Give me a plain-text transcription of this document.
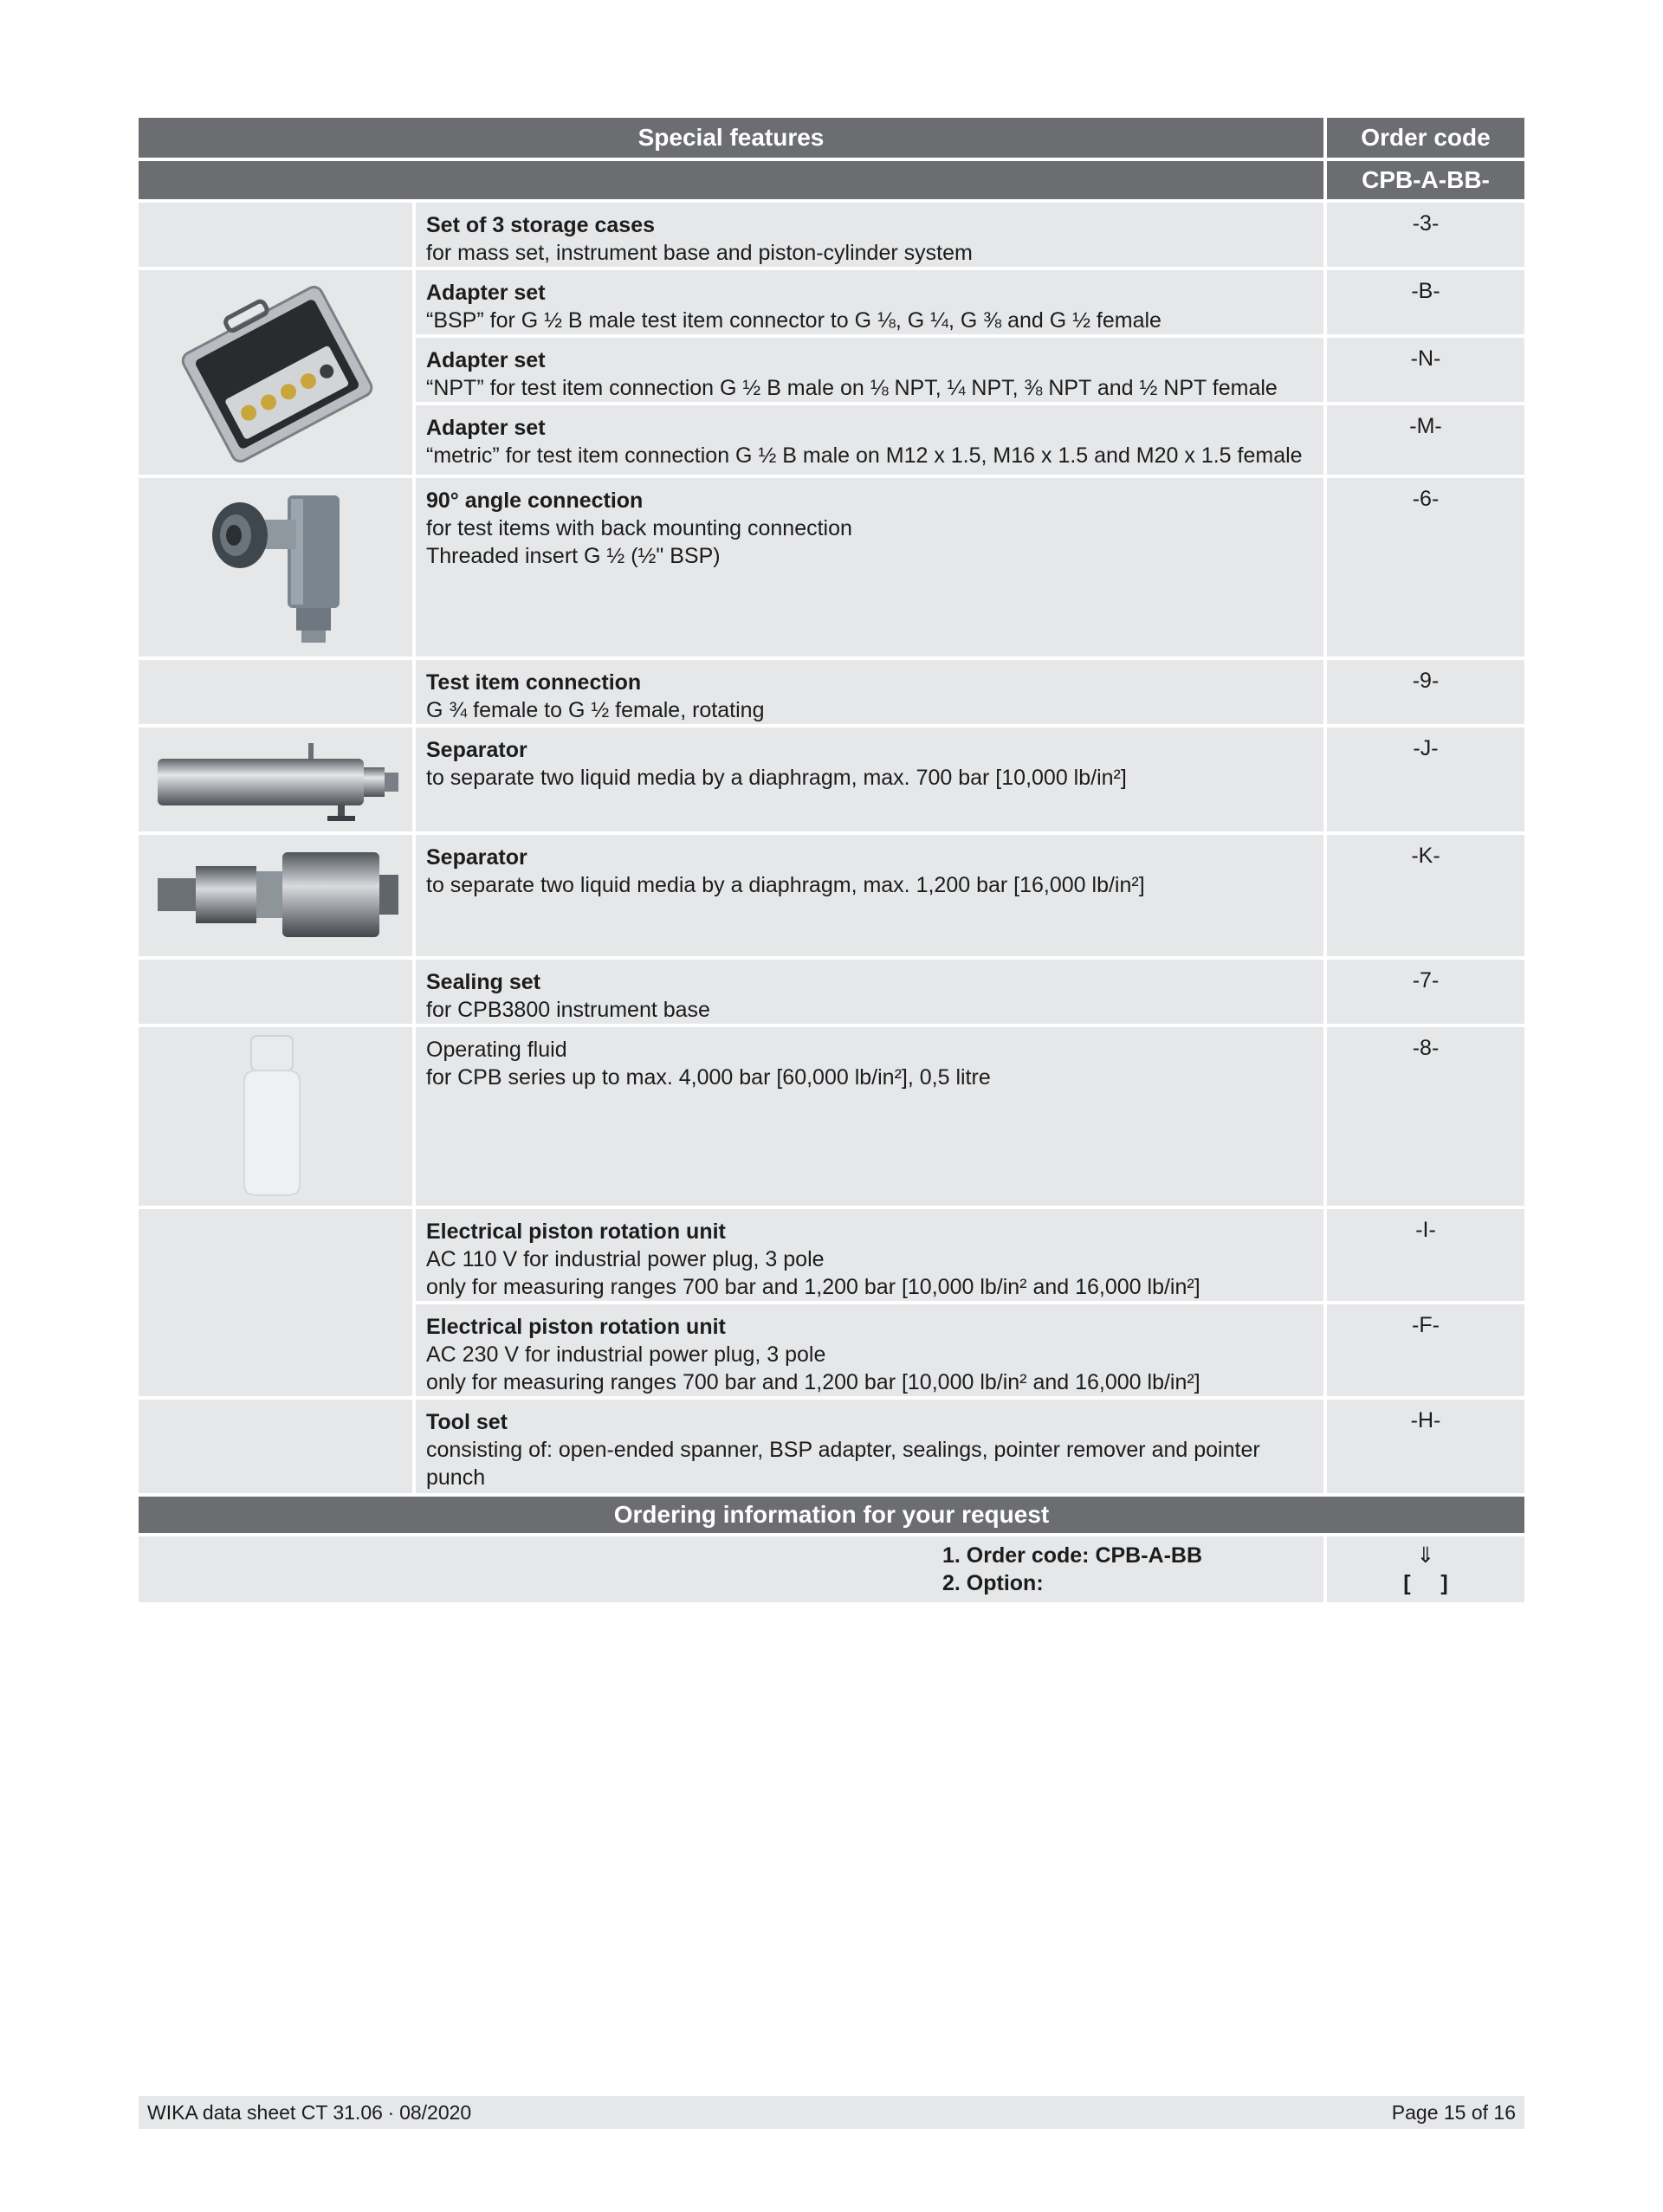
Special features	Order code
CPB-A-BB-
Set of 3 storage cases
for mass set, instrument base and piston-cylinder system
-3-
Adapter set
“BSP” for G ½ B male test item connector to G ⅛, G ¼, G ⅜ and G ½ female
-B-
Adapter set
“NPT” for test item connection G ½ B male on ⅛ NPT, ¼ NPT, ⅜ NPT and ½ NPT female
-N-
Adapter set
“metric” for test item connection G ½ B male on M12 x 1.5, M16 x 1.5 and M20 x 1.5 female
-M-
90° angle connection
for test items with back mounting connection
Threaded insert G ½ (½" BSP)
-6-
Test item connection
G ¾ female to G ½ female, rotating
-9-
Separator
to separate two liquid media by a diaphragm, max. 700 bar [10,000 lb/in²]
-J-
Separator
to separate two liquid media by a diaphragm, max. 1,200 bar [16,000 lb/in²]
-K-
Sealing set
for CPB3800 instrument base
-7-
Operating fluid
for CPB series up to max. 4,000 bar [60,000 lb/in²], 0,5 litre
-8-
Electrical piston rotation unit
AC 110 V for industrial power plug, 3 pole
only for measuring ranges 700 bar and 1,200 bar [10,000 lb/in² and 16,000 lb/in²]
-I-
Electrical piston rotation unit
AC 230 V for industrial power plug, 3 pole
only for measuring ranges 700 bar and 1,200 bar [10,000 lb/in² and 16,000 lb/in²]
-F-
Tool set
consisting of: open-ended spanner, BSP adapter, sealings, pointer remover and pointer
punch
-H-
Ordering information for your request
1. Order code: CPB-A-BB
2. Option:
⇓
[     ]
WIKA data sheet CT 31.06 ∙ 08/2020	Page 15 of 16
